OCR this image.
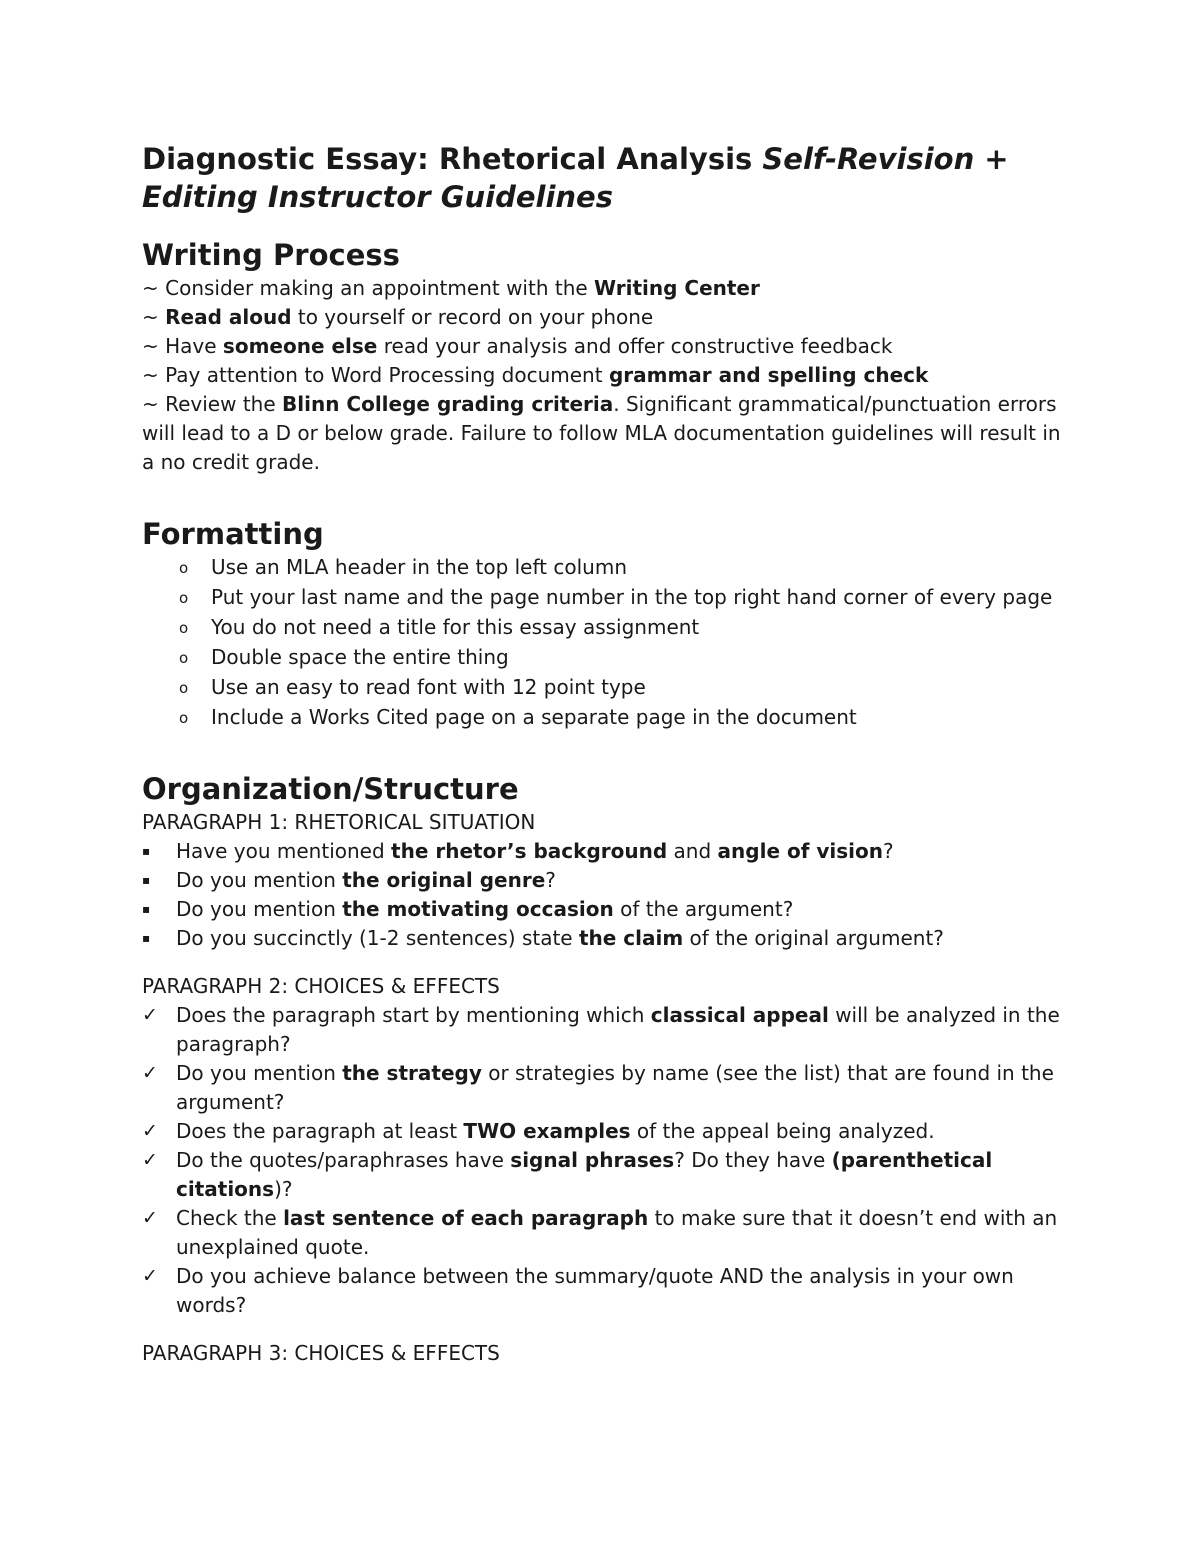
Diagnostic Essay: Rhetorical Analysis Self-Revision + Editing Instructor Guidelines
Writing Process

~ Consider making an appointment with the Writing Center

~ Read aloud to yourself or record on your phone

~ Have someone else read your analysis and offer constructive feedback

~ Pay attention to Word Processing document grammar and spelling check

~ Review the Blinn College grading criteria. Significant grammatical/punctuation errors will lead to a D or below grade. Failure to follow MLA documentation guidelines will result in a no credit grade.

Formatting
o Use an MLA header in the top left column
o Put your last name and the page number in the top right hand corner of every page
o You do not need a title for this essay assignment
o Double space the entire thing
o Use an easy to read font with 12 point type
o Include a Works Cited page on a separate page in the document
Organization/Structure

PARAGRAPH 1: RHETORICAL SITUATION

▪ Have you mentioned the rhetor’s background and angle of vision?
▪ Do you mention the original genre?
▪ Do you mention the motivating occasion of the argument?
▪ Do you succinctly (1-2 sentences) state the claim of the original argument?

PARAGRAPH 2: CHOICES & EFFECTS

✓ Does the paragraph start by mentioning which classical appeal will be analyzed in the paragraph?
✓ Do you mention the strategy or strategies by name (see the list) that are found in the argument?
✓ Does the paragraph at least TWO examples of the appeal being analyzed.
✓ Do the quotes/paraphrases have signal phrases? Do they have (parenthetical citations)?
✓ Check the last sentence of each paragraph to make sure that it doesn’t end with an unexplained quote.
✓ Do you achieve balance between the summary/quote AND the analysis in your own words?

PARAGRAPH 3: CHOICES & EFFECTS
